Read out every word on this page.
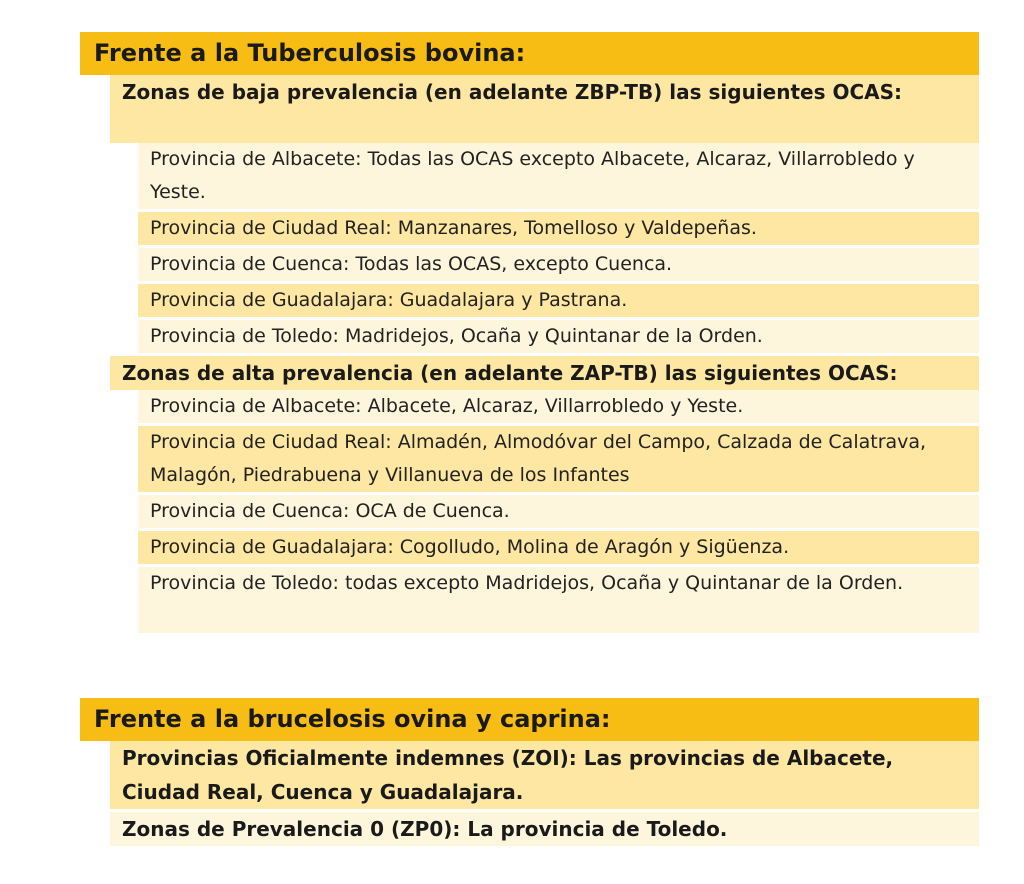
Frente a la Tuberculosis bovina:
Zonas de baja prevalencia (en adelante ZBP-TB) las siguientes OCAS:
Provincia de Albacete: Todas las OCAS excepto Albacete, Alcaraz, Villarrobledo y Yeste.
Provincia de Ciudad Real: Manzanares, Tomelloso y Valdepeñas.
Provincia de Cuenca: Todas las OCAS, excepto Cuenca.
Provincia de Guadalajara: Guadalajara y Pastrana.
Provincia de Toledo: Madridejos, Ocaña y Quintanar de la Orden.
Zonas de alta prevalencia (en adelante ZAP-TB) las siguientes OCAS:
Provincia de Albacete: Albacete, Alcaraz, Villarrobledo y Yeste.
Provincia de Ciudad Real: Almadén, Almodóvar del Campo, Calzada de Calatrava, Malagón, Piedrabuena y Villanueva de los Infantes
Provincia de Cuenca: OCA de Cuenca.
Provincia de Guadalajara: Cogolludo, Molina de Aragón y Sigüenza.
Provincia de Toledo: todas excepto Madridejos, Ocaña y Quintanar de la Orden.
Frente a la brucelosis ovina y caprina:
Provincias Oficialmente indemnes (ZOI): Las provincias de Albacete, Ciudad Real, Cuenca y Guadalajara.
Zonas de Prevalencia 0 (ZP0): La provincia de Toledo.
